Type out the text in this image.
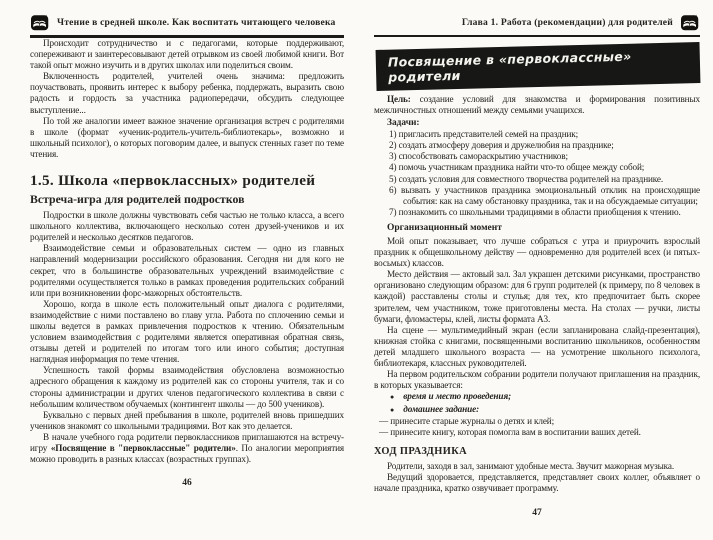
Чтение в средней школе. Как воспитать читающего человека

Происходит сотрудничество и с педагогами, которые поддерживают, сопереживают и заинтересовывают детей отрывком из своей любимой книги. Вот такой опыт можно изучить и в других школах или поделиться своим.

Включенность родителей, учителей очень значима: предложить поучаствовать, проявить интерес к выбору ребенка, поддержать, выразить свою радость и гордость за участника радиопередачи, обсудить следующее выступление...

По той же аналогии имеет важное значение организация встреч с родителями в школе (формат «ученик-родитель-учитель-библиотекарь», возможно и школьный психолог), о которых поговорим далее, и выпуск стенных газет по теме чтения.

1.5. Школа «первоклассных» родителей
Встреча-игра для родителей подростков

Подростки в школе должны чувствовать себя частью не только класса, а всего школьного коллектива, включающего несколько сотен друзей-учеников и их родителей и несколько десятков педагогов.

Взаимодействие семьи и образовательных систем — одно из главных направлений модернизации российского образования. Сегодня ни для кого не секрет, что в большинстве образовательных учреждений взаимодействие с родителями осуществляется только в рамках проведения родительских собраний или при возникновении форс-мажорных обстоятельств.

Хорошо, когда в школе есть положительный опыт диалога с родителями, взаимодействие с ними поставлено во главу угла. Работа по сплочению семьи и школы ведется в рамках привлечения подростков к чтению. Обязательным условием взаимодействия с родителями является оперативная обратная связь, отзывы детей и родителей по итогам того или иного события; доступная наглядная информация по теме чтения.

Успешность такой формы взаимодействия обусловлена возможностью адресного обращения к каждому из родителей как со стороны учителя, так и со стороны администрации и других членов педагогического коллектива в связи с небольшим количеством обучаемых (контингент школы — до 500 учеников).

Буквально с первых дней пребывания в школе, родителей вновь пришедших учеников знакомят со школьными традициями. Вот как это делается.

В начале учебного года родители первоклассников приглашаются на встречу-игру «Посвящение в "первоклассные" родители». По аналогии мероприятия можно проводить в разных классах (возрастных группах).

46
Глава 1. Работа (рекомендации) для родителей
Посвящение в «первоклассные» родители

Цель: создание условий для знакомства и формирования позитивных межличностных отношений между семьями учащихся.

Задачи:
1) пригласить представителей семей на праздник;
2) создать атмосферу доверия и дружелюбия на празднике;
3) способствовать самораскрытию участников;
4) помочь участникам праздника найти что-то общее между собой;
5) создать условия для совместного творчества родителей на празднике.
6) вызвать у участников праздника эмоциональный отклик на происходящие события: как на саму обстановку праздника, так и на обсуждаемые ситуации;
7) познакомить со школьными традициями в области приобщения к чтению.
Организационный момент

Мой опыт показывает, что лучше собраться с утра и приурочить взрослый праздник к общешкольному действу — одновременно для родителей всех (и пятых-восьмых) классов.

Место действия — актовый зал. Зал украшен детскими рисунками, пространство организовано следующим образом: для 6 групп родителей (к примеру, по 8 человек в каждой) расставлены столы и стулья; для тех, кто предпочитает быть скорее зрителем, чем участником, тоже приготовлены места. На столах — ручки, листы бумаги, фломастеры, клей, листы формата А3.

На сцене — мультимедийный экран (если запланирована слайд-презентация), книжная стойка с книгами, посвященными воспитанию школьников, особенностям детей младшего школьного возраста — на усмотрение школьного психолога, библиотекаря, классных руководителей.

На первом родительском собрании родители получают приглашения на праздник, в которых указывается:

● время и место проведения;
● домашнее задание:
— принесите старые журналы о детях и клей;
— принесите книгу, которая помогла вам в воспитании ваших детей.
ХОД ПРАЗДНИКА

Родители, заходя в зал, занимают удобные места. Звучит мажорная музыка.

Ведущий здоровается, представляется, представляет своих коллег, объявляет о начале праздника, кратко озвучивает программу.

47
